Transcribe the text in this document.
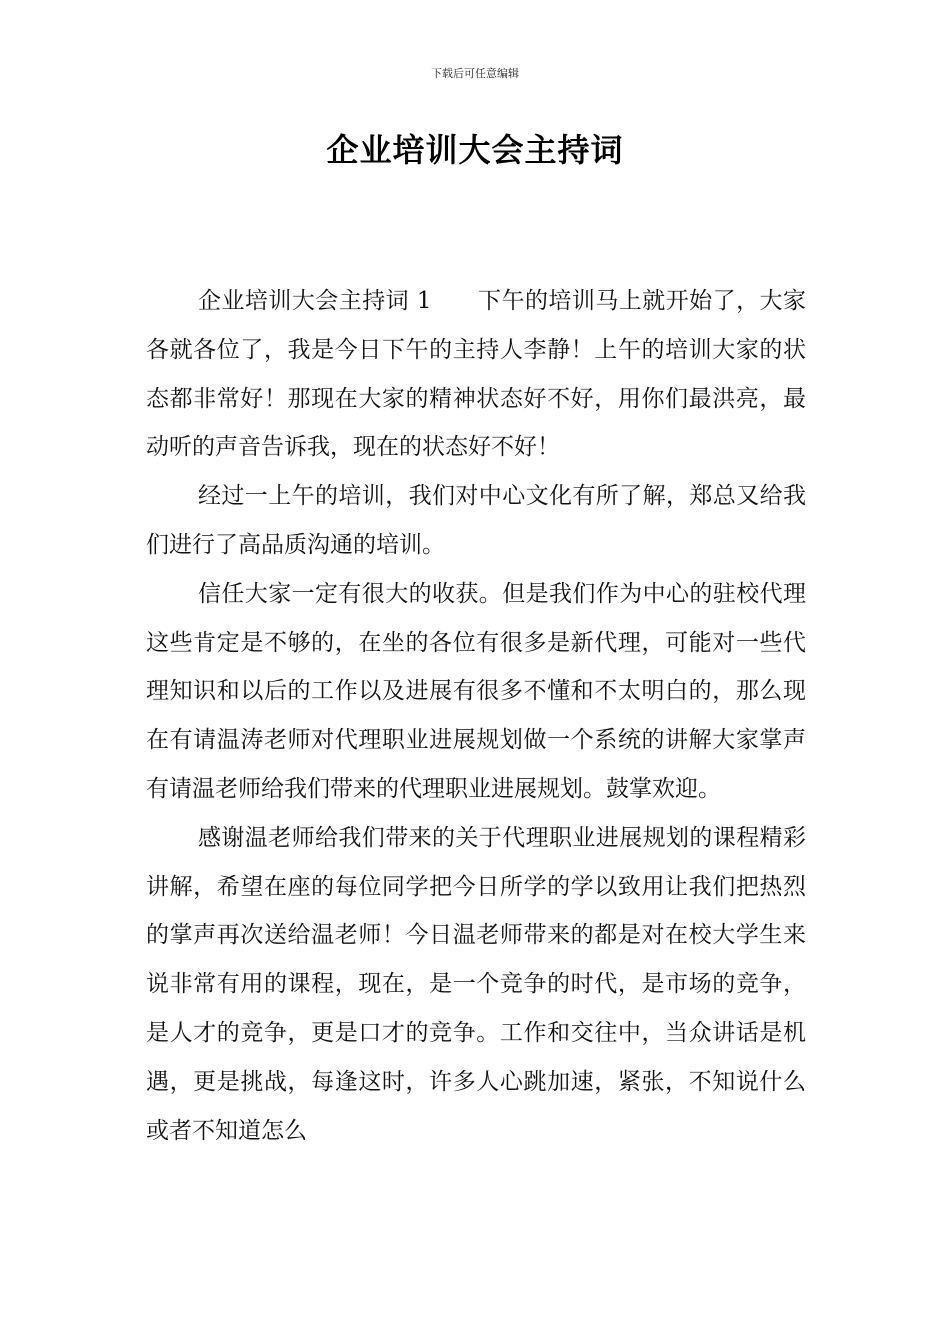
下载后可任意编辑
企业培训大会主持词

企业培训大会主持词 1 下午的培训马上就开始了，大家各就各位了，我是今日下午的主持人李静！上午的培训大家的状态都非常好！那现在大家的精神状态好不好，用你们最洪亮，最动听的声音告诉我，现在的状态好不好！

经过一上午的培训，我们对中心文化有所了解，郑总又给我们进行了高品质沟通的培训。

信任大家一定有很大的收获。但是我们作为中心的驻校代理这些肯定是不够的，在坐的各位有很多是新代理，可能对一些代理知识和以后的工作以及进展有很多不懂和不太明白的，那么现在有请温涛老师对代理职业进展规划做一个系统的讲解大家掌声有请温老师给我们带来的代理职业进展规划。鼓掌欢迎。

感谢温老师给我们带来的关于代理职业进展规划的课程精彩讲解，希望在座的每位同学把今日所学的学以致用让我们把热烈的掌声再次送给温老师！今日温老师带来的都是对在校大学生来说非常有用的课程，现在，是一个竞争的时代，是市场的竞争，是人才的竞争，更是口才的竞争。工作和交往中，当众讲话是机遇，更是挑战，每逢这时，许多人心跳加速，紧张，不知说什么或者不知道怎么
